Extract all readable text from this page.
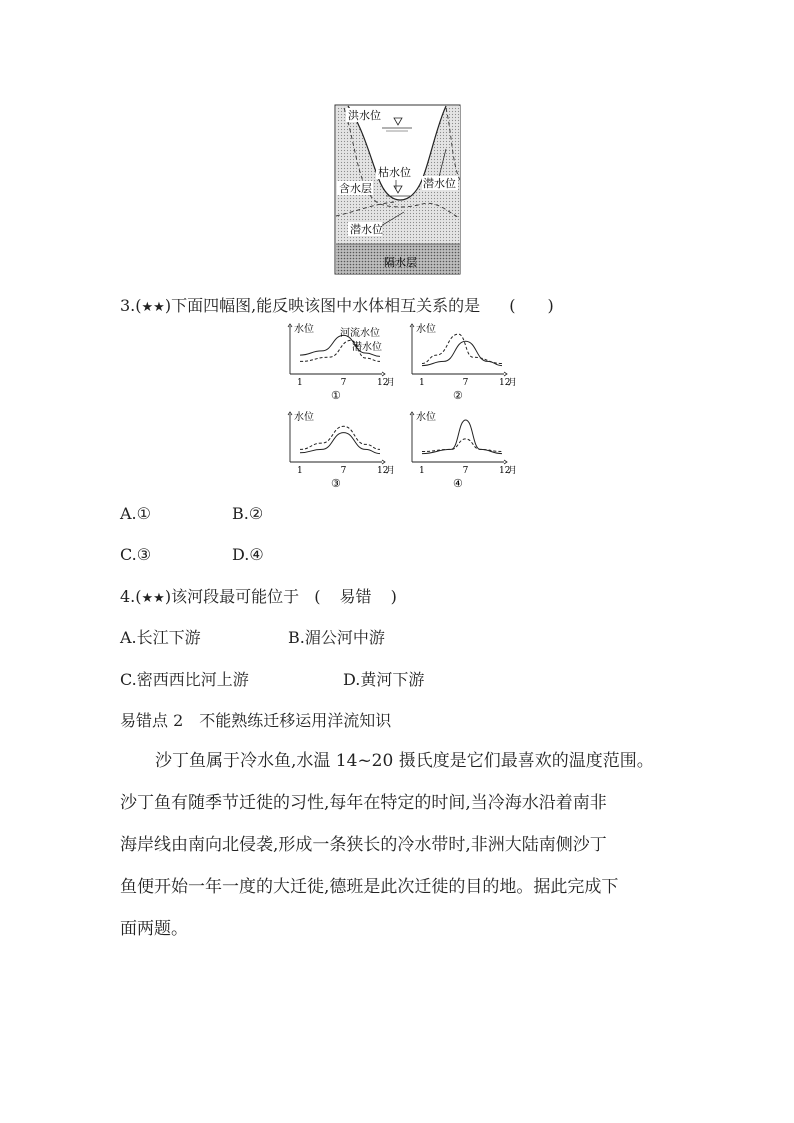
洪水位
枯水位
含水层	潜水位
潜水位
隔水层
3.(★★)下面四幅图,能反映该图中水体相互关系的是 (　　)
水位
1	7	12
月
①
河流水位
潜水位
水位
1	7	12
月
②
水位
1	7	12
月
③
水位
1	7	12
月
④
A.①	B.②
C.③	D.④
4.(★★)该河段最可能位于 ( 易错 )
A.长江下游	B.湄公河中游
C.密西西比河上游	D.黄河下游
易错点 2　不能熟练迁移运用洋流知识
沙丁鱼属于冷水鱼,水温 14~20 摄氏度是它们最喜欢的温度范围。
沙丁鱼有随季节迁徙的习性,每年在特定的时间,当冷海水沿着南非
海岸线由南向北侵袭,形成一条狭长的冷水带时,非洲大陆南侧沙丁
鱼便开始一年一度的大迁徙,德班是此次迁徙的目的地。据此完成下
面两题。
